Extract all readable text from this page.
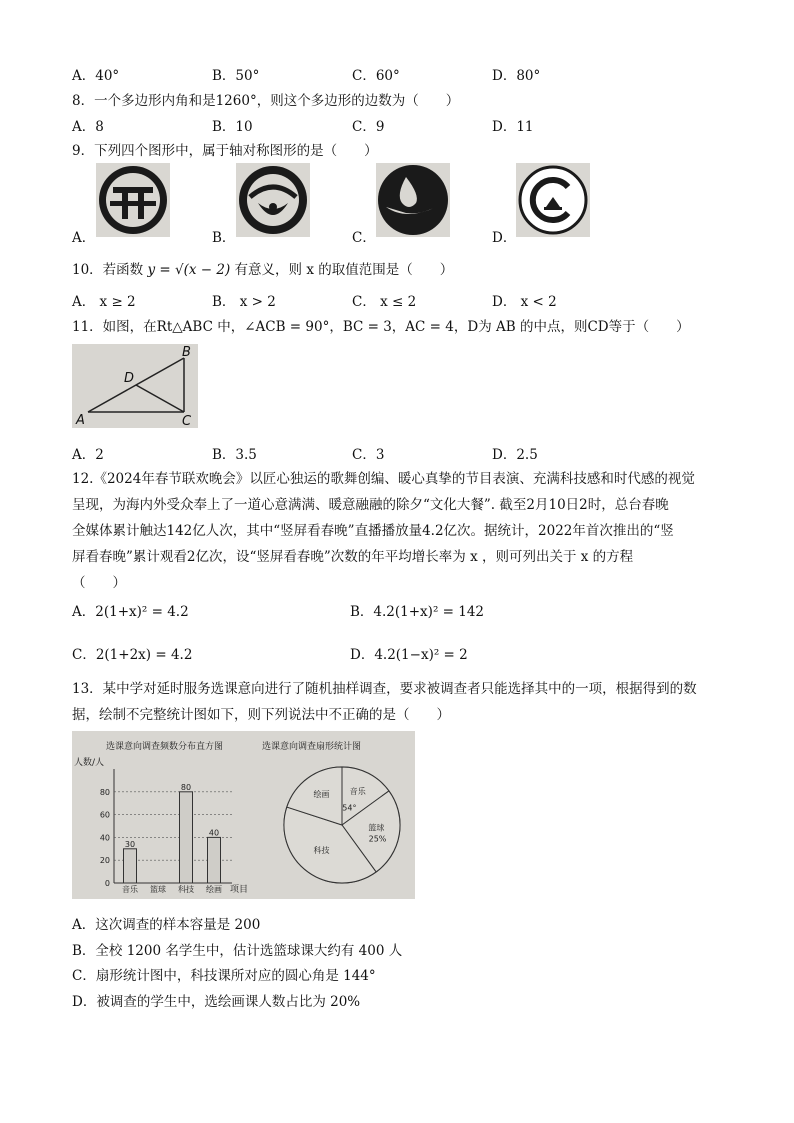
A．40°	B．50°	C．60°	D．80°
8．一个多边形内角和是1260°，则这个多边形的边数为（　　）
A．8	B．10	C．9	D．11
9．下列四个图形中，属于轴对称图形的是（　　）
A．	B．	C．	D．
10．若函数 y = √(x − 2) 有意义，则 x 的取值范围是（　　）
A． x ≥ 2	B． x > 2	C． x ≤ 2	D． x < 2
11．如图，在Rt△ABC 中，∠ACB = 90°，BC = 3，AC = 4，D为 AB 的中点，则CD等于（　　）
A
B
C
D
A．2	B．3.5	C．3	D．2.5
12.《2024年春节联欢晚会》以匠心独运的歌舞创编、暖心真挚的节目表演、充满科技感和时代感的视觉
呈现，为海内外受众奉上了一道心意满满、暖意融融的除夕“文化大餐”. 截至2月10日2时，总台春晚
全媒体累计触达142亿人次，其中“竖屏看春晚”直播播放量4.2亿次。据统计，2022年首次推出的“竖
屏看春晚”累计观看2亿次，设“竖屏看春晚”次数的年平均增长率为 x ，则可列出关于 x 的方程
（　　）
A．2(1+x)² = 4.2	B．4.2(1+x)² = 142
C．2(1+2x) = 4.2	D．4.2(1−x)² = 2
13．某中学对延时服务选课意向进行了随机抽样调查，要求被调查者只能选择其中的一项，根据得到的数
据，绘制不完整统计图如下，则下列说法中不正确的是（　　）
选课意向调查频数分布直方图
人数/人
项目
0
20
40
60
80
30
音乐 篮球
80
科技
40
绘画
选课意向调查扇形统计图
音乐
54°
篮球
25%
科技
绘画
A．这次调查的样本容量是 200
B．全校 1200 名学生中，估计选篮球课大约有 400 人
C．扇形统计图中，科技课所对应的圆心角是 144°
D．被调查的学生中，选绘画课人数占比为 20%
